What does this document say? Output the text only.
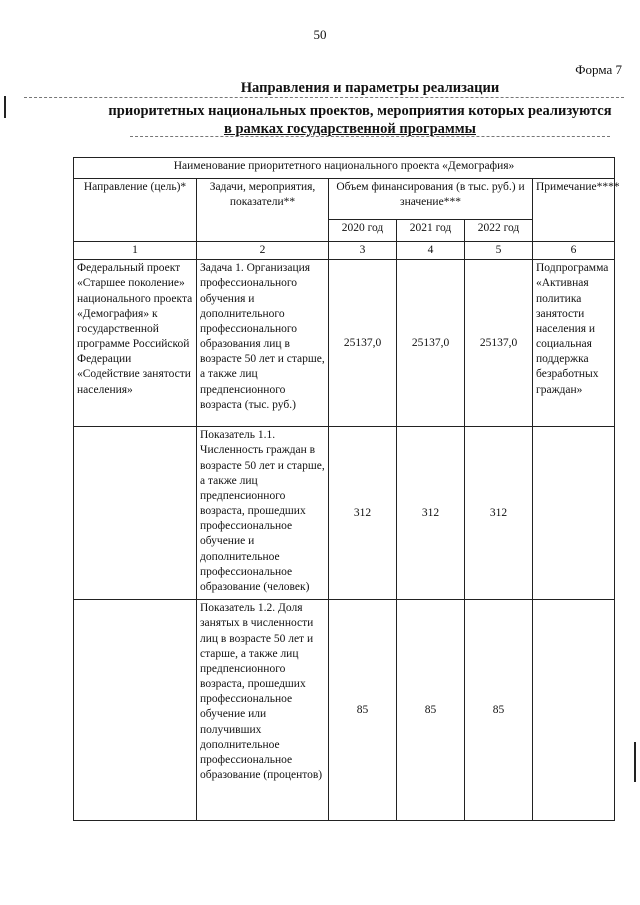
50
Форма 7
Направления и параметры реализации
приоритетных национальных проектов, мероприятия которых реализуются
в рамках государственной программы
Наименование приоритетного национального проекта «Демография»					
Направление (цель)*	Задачи, мероприятия, показатели**	Объем финансирования (в тыс. руб.) и значение***			Примечание****
		2020 год	2021 год	2022 год	
1	2	3	4	5	6
Федеральный проект «Старшее поколение» национального проекта «Демография» к государственной программе Российской Федерации «Содействие занятости населения»	Задача 1. Организация профессионального обучения и дополнительного профессионального образования лиц в возрасте 50 лет и старше, а также лиц предпенсионного возраста (тыс. руб.)	25137,0	25137,0	25137,0	Подпрограмма «Активная политика занятости населения и социальная поддержка безработных граждан»
	Показатель 1.1. Численность граждан в возрасте 50 лет и старше, а также лиц предпенсионного возраста, прошедших профессиональное обучение и дополнительное профессиональное образование (человек)	312	312	312	
	Показатель 1.2. Доля занятых в численности лиц в возрасте 50 лет и старше, а также лиц предпенсионного возраста, прошедших профессиональное обучение или получивших дополнительное профессиональное образование (процентов)	85	85	85	
